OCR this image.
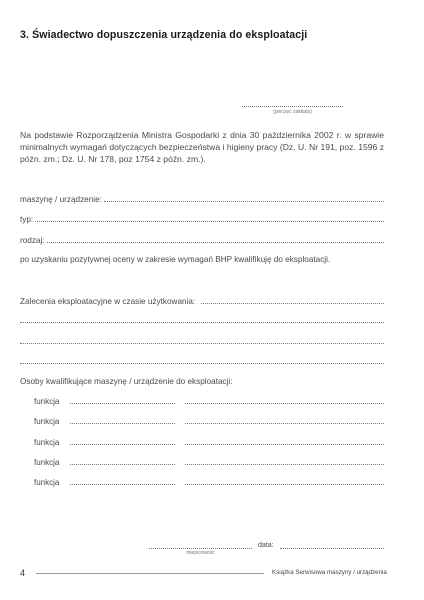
3. Świadectwo dopuszczenia urządzenia do eksploatacji
(pieczęć zakładu)
Na podstawie Rozporządzenia Ministra Gospodarki z dnia 30 października 2002 r. w sprawie minimalnych wymagań dotyczących bezpieczeństwa i higieny pracy (Dz. U. Nr 191, poz. 1596 z późn. zm.; Dz. U. Nr 178, poz 1754 z późn. zm.).
maszynę / urządzenie:
typ:
rodzaj:
po uzyskaniu pozytywnej oceny w zakresie wymagań BHP kwalifikuję do eksploatacji.
Zalecenia eksploatacyjne w czasie użytkowania:
Osoby kwalifikujące maszynę / urządzenie do eksploatacji:
funkcja
funkcja
funkcja
funkcja
funkcja
miejscowość
data:
4	Książka Serwisowa maszyny / urządzenia
